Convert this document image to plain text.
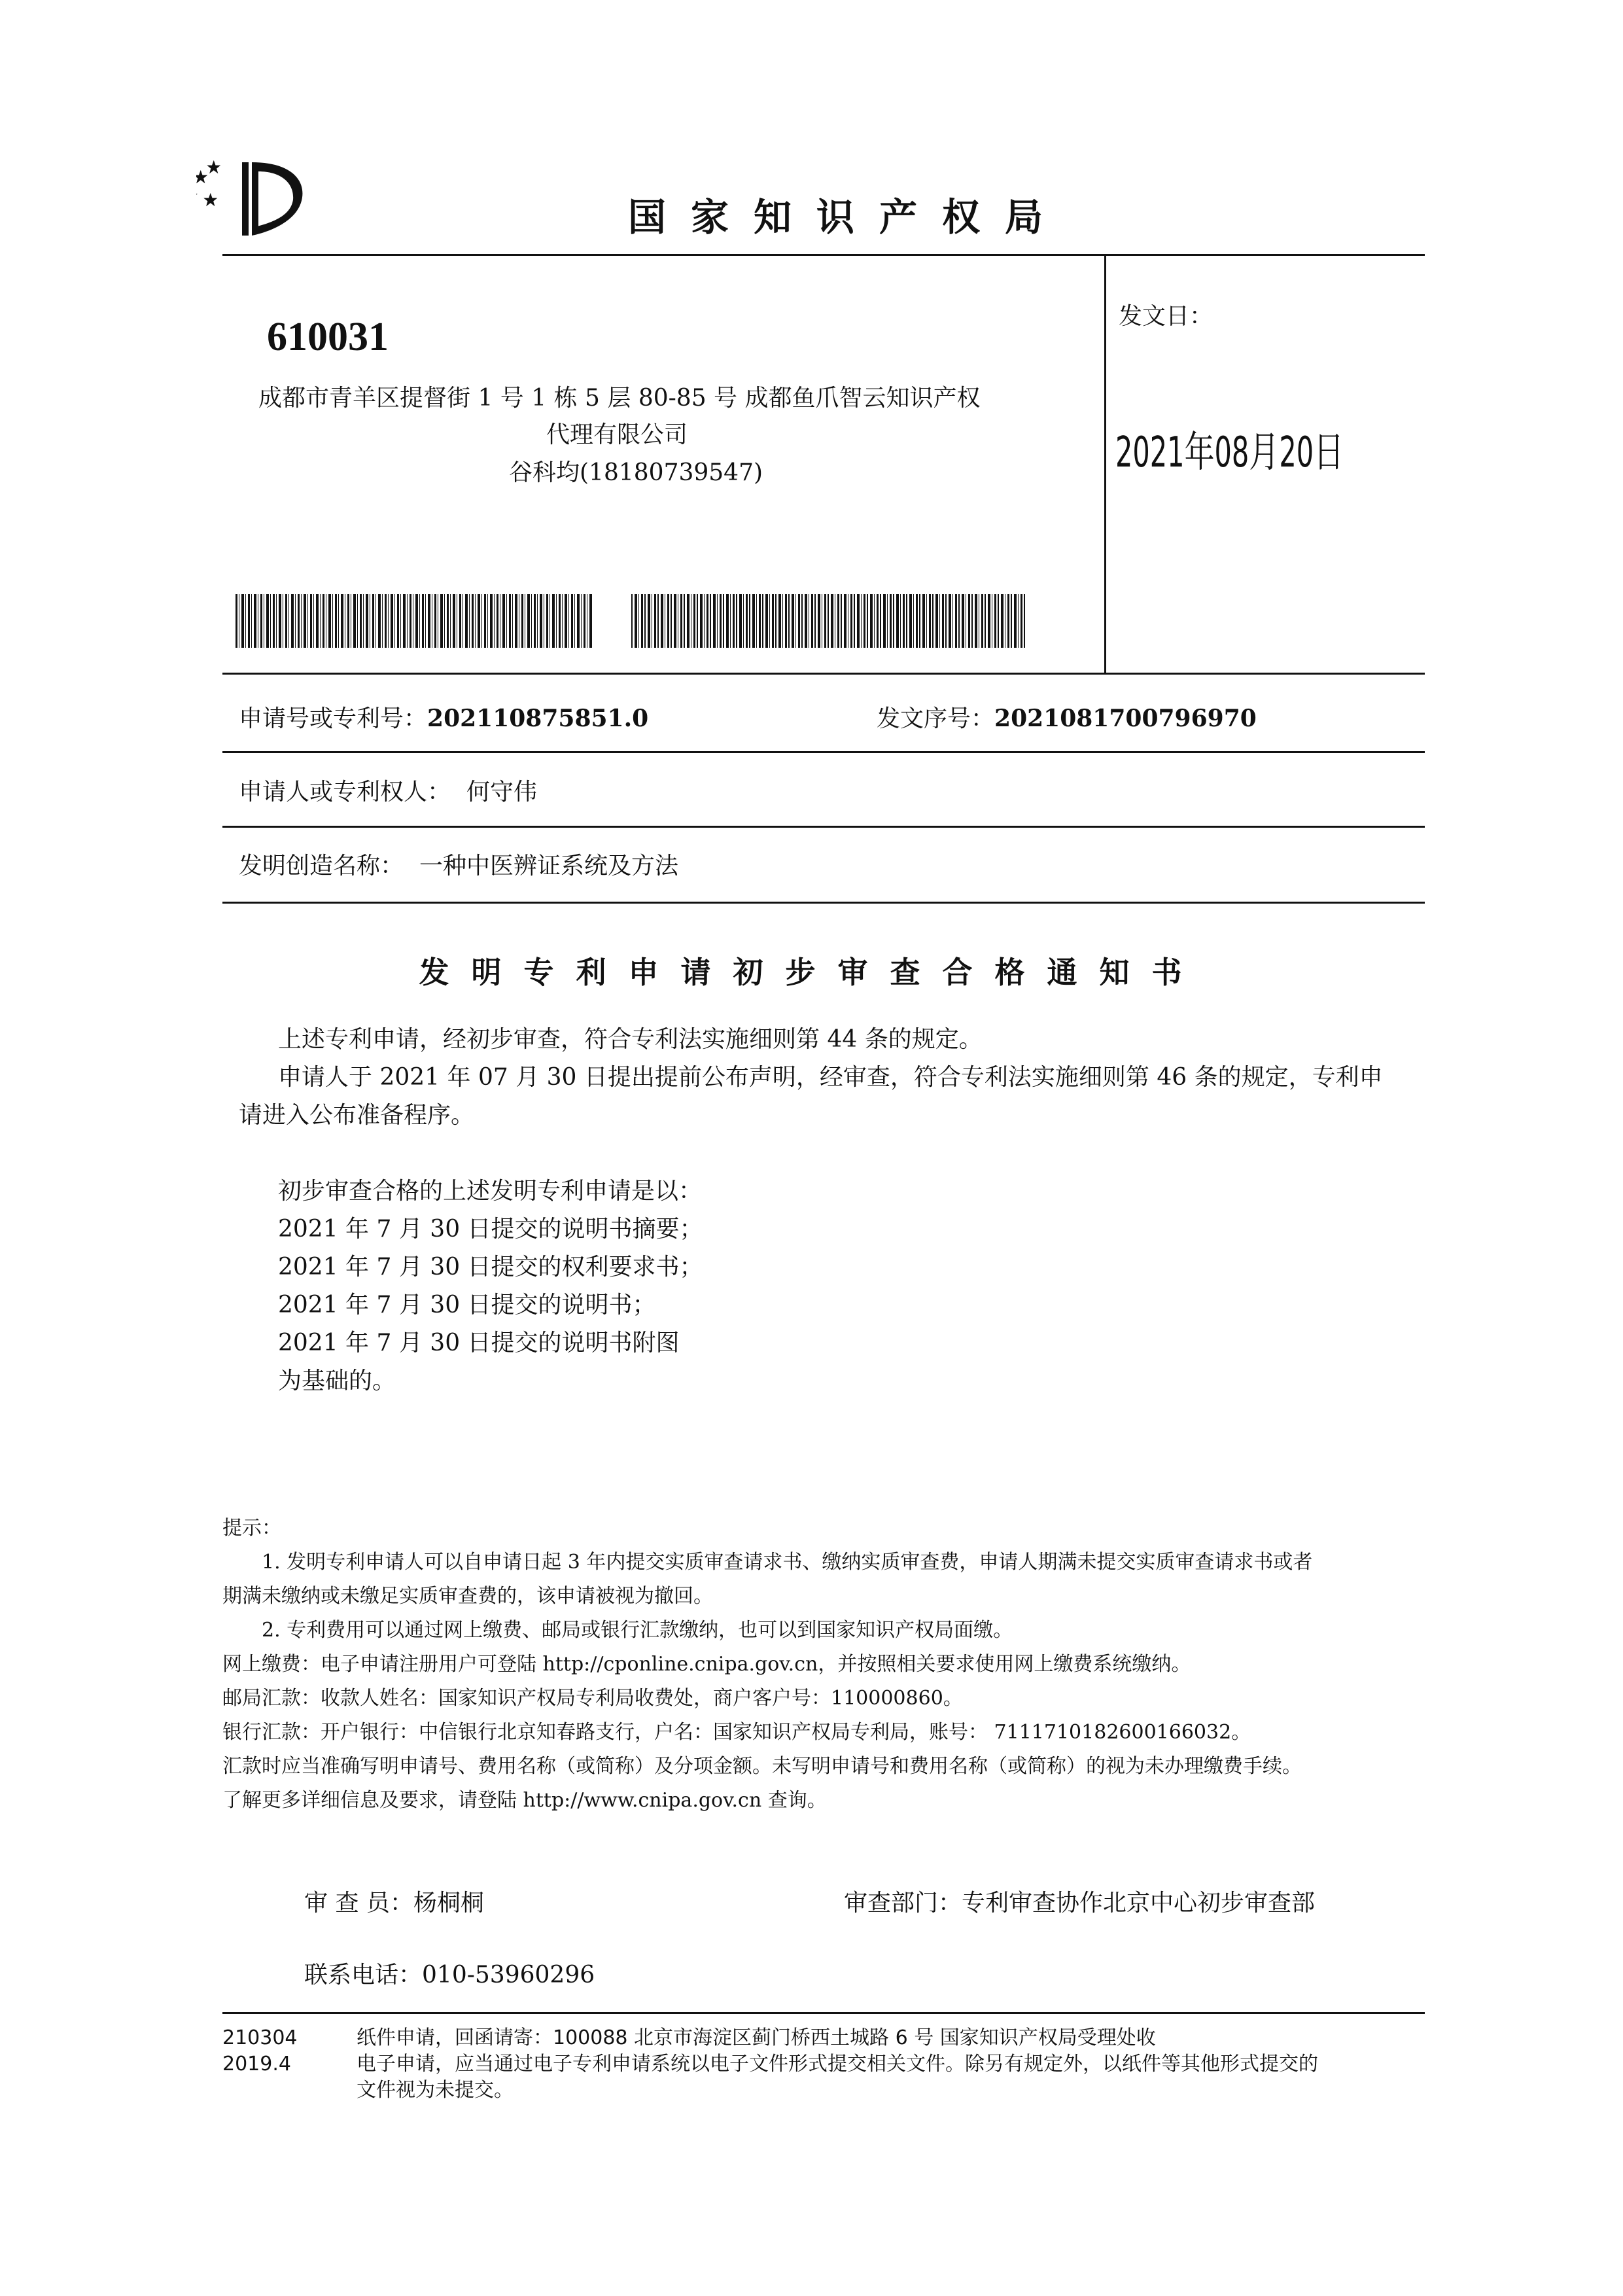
国家知识产权局
610031
成都市青羊区提督街 1 号 1 栋 5 层 80-85 号 成都鱼爪智云知识产权
代理有限公司
谷科均(18180739547)
发文日：
2021年08月20日
申请号或专利号：202110875851.0	发文序号：2021081700796970
申请人或专利权人： 何守伟
发明创造名称： 一种中医辨证系统及方法
发明专利申请初步审查合格通知书
上述专利申请，经初步审查，符合专利法实施细则第 44 条的规定。
申请人于 2021 年 07 月 30 日提出提前公布声明，经审查，符合专利法实施细则第 46 条的规定，专利申
请进入公布准备程序。
初步审查合格的上述发明专利申请是以：
2021 年 7 月 30 日提交的说明书摘要；
2021 年 7 月 30 日提交的权利要求书；
2021 年 7 月 30 日提交的说明书；
2021 年 7 月 30 日提交的说明书附图
为基础的。
提示：
1. 发明专利申请人可以自申请日起 3 年内提交实质审查请求书、缴纳实质审查费，申请人期满未提交实质审查请求书或者
期满未缴纳或未缴足实质审查费的，该申请被视为撤回。
2. 专利费用可以通过网上缴费、邮局或银行汇款缴纳，也可以到国家知识产权局面缴。
网上缴费：电子申请注册用户可登陆 http://cponline.cnipa.gov.cn，并按照相关要求使用网上缴费系统缴纳。
邮局汇款：收款人姓名：国家知识产权局专利局收费处，商户客户号：110000860。
银行汇款：开户银行：中信银行北京知春路支行，户名：国家知识产权局专利局，账号： 7111710182600166032。
汇款时应当准确写明申请号、费用名称（或简称）及分项金额。未写明申请号和费用名称（或简称）的视为未办理缴费手续。
了解更多详细信息及要求，请登陆 http://www.cnipa.gov.cn 查询。
审 查 员：杨桐桐	审查部门：专利审查协作北京中心初步审查部
联系电话：010-53960296
210304
2019.4
纸件申请，回函请寄：100088 北京市海淀区蓟门桥西土城路 6 号 国家知识产权局受理处收
电子申请，应当通过电子专利申请系统以电子文件形式提交相关文件。除另有规定外，以纸件等其他形式提交的
文件视为未提交。
